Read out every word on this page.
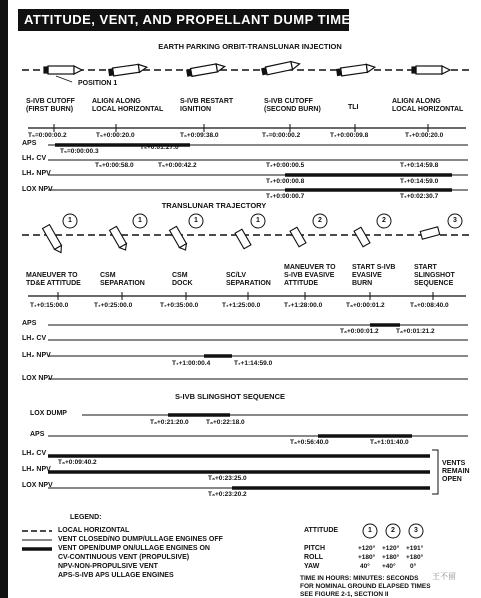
ATTITUDE, VENT, AND PROPELLANT DUMP TIMELINES
EARTH PARKING ORBIT-TRANSLUNAR INJECTION
POSITION 1
S-IVB CUTOFF
(FIRST BURN)
ALIGN ALONG
LOCAL HORIZONTAL
S-IVB RESTART
IGNITION
S-IVB CUTOFF
(SECOND BURN)	TLI
ALIGN ALONG
LOCAL HORIZONTAL
T₅=0:00:00.2	T₅+0:00:20.0	T₆+0:09:38.0	T₇=0:00:00.2	T₇+0:00:09.8	T₇+0:00:20.0
APS
LH₂ CV
LH₂ NPV
LOX NPV
T₅=0:00:00.3
T₅+0:01:27.0
T₅+0:00:58.0	T₅+0:00:42.2	T₇+0:00:00.5	T₇+0:14:59.8
T₇+0:00:00.8	T₇+0:14:59.0
T₇+0:00:00.7	T₇+0:02:30.7
TRANSLUNAR TRAJECTORY
1	1	1	1	2	2	3
MANEUVER TO
TD&E ATTITUDE
CSM
SEPARATION
CSM
DOCK
SC/LV
SEPARATION
MANEUVER TO
S-IVB EVASIVE
ATTITUDE
START S-IVB
EVASIVE
BURN
START
SLINGSHOT
SEQUENCE
T₇+0:15:00.0	T₇+0:25:00.0	T₇+0:35:00.0	T₇+1:25:00.0	T₇+1:28:00.0	T₈+0:00:01.2	T₈+0:08:40.0
APS
LH₂ CV
LH₂ NPV
LOX NPV
T₈+0:00:01.2	T₈+0:01:21.2
T₇+1:00:00.4	T₇+1:14:59.0
S-IVB SLINGSHOT SEQUENCE
LOX DUMP
APS
LH₂ CV
LH₂ NPV
LOX NPV
T₈+0:21:20.0	T₈+0:22:18.0
T₈+0:56:40.0	T₈+1:01:40.0
T₈+0:09:40.2
T₈+0:23:25.0
T₈+0:23:20.2
VENTS
REMAIN
OPEN
LEGEND:
LOCAL HORIZONTAL
VENT CLOSED/NO DUMP/ULLAGE ENGINES OFF
VENT OPEN/DUMP ON/ULLAGE ENGINES ON
CV-CONTINUOUS VENT (PROPULSIVE)
NPV-NON-PROPULSIVE VENT
APS-S-IVB APS ULLAGE ENGINES
ATTITUDE	1	2	3
PITCH	+120° +120° +191°
ROLL	+180° +180° +180°
YAW	40° +40° 0°
TIME IN HOURS: MINUTES: SECONDS
FOR NOMINAL GROUND ELAPSED TIMES
SEE FIGURE 2-1, SECTION II
王不留
